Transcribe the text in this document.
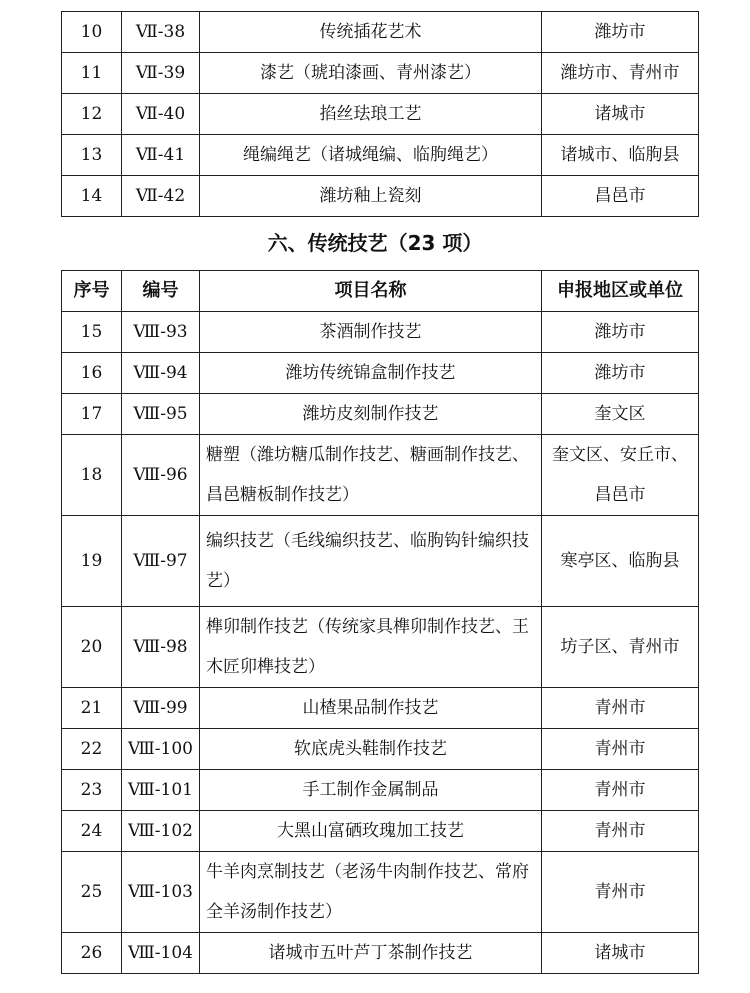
10	Ⅶ-38	传统插花艺术	潍坊市
11	Ⅶ-39	漆艺（琥珀漆画、青州漆艺）	潍坊市、青州市
12	Ⅶ-40	掐丝珐琅工艺	诸城市
13	Ⅶ-41	绳编绳艺（诸城绳编、临朐绳艺）	诸城市、临朐县
14	Ⅶ-42	潍坊釉上瓷刻	昌邑市
六、传统技艺（23 项）
序号	编号	项目名称	申报地区或单位
15	Ⅷ-93	茶酒制作技艺	潍坊市
16	Ⅷ-94	潍坊传统锦盒制作技艺	潍坊市
17	Ⅷ-95	潍坊皮刻制作技艺	奎文区
18	Ⅷ-96	糖塑（潍坊糖瓜制作技艺、糖画制作技艺、昌邑糖板制作技艺）	奎文区、安丘市、昌邑市
19	Ⅷ-97	编织技艺（毛线编织技艺、临朐钩针编织技艺）	寒亭区、临朐县
20	Ⅷ-98	榫卯制作技艺（传统家具榫卯制作技艺、王木匠卯榫技艺）	坊子区、青州市
21	Ⅷ-99	山楂果品制作技艺	青州市
22	Ⅷ-100	软底虎头鞋制作技艺	青州市
23	Ⅷ-101	手工制作金属制品	青州市
24	Ⅷ-102	大黑山富硒玫瑰加工技艺	青州市
25	Ⅷ-103	牛羊肉烹制技艺（老汤牛肉制作技艺、常府全羊汤制作技艺）	青州市
26	Ⅷ-104	诸城市五叶芦丁茶制作技艺	诸城市
